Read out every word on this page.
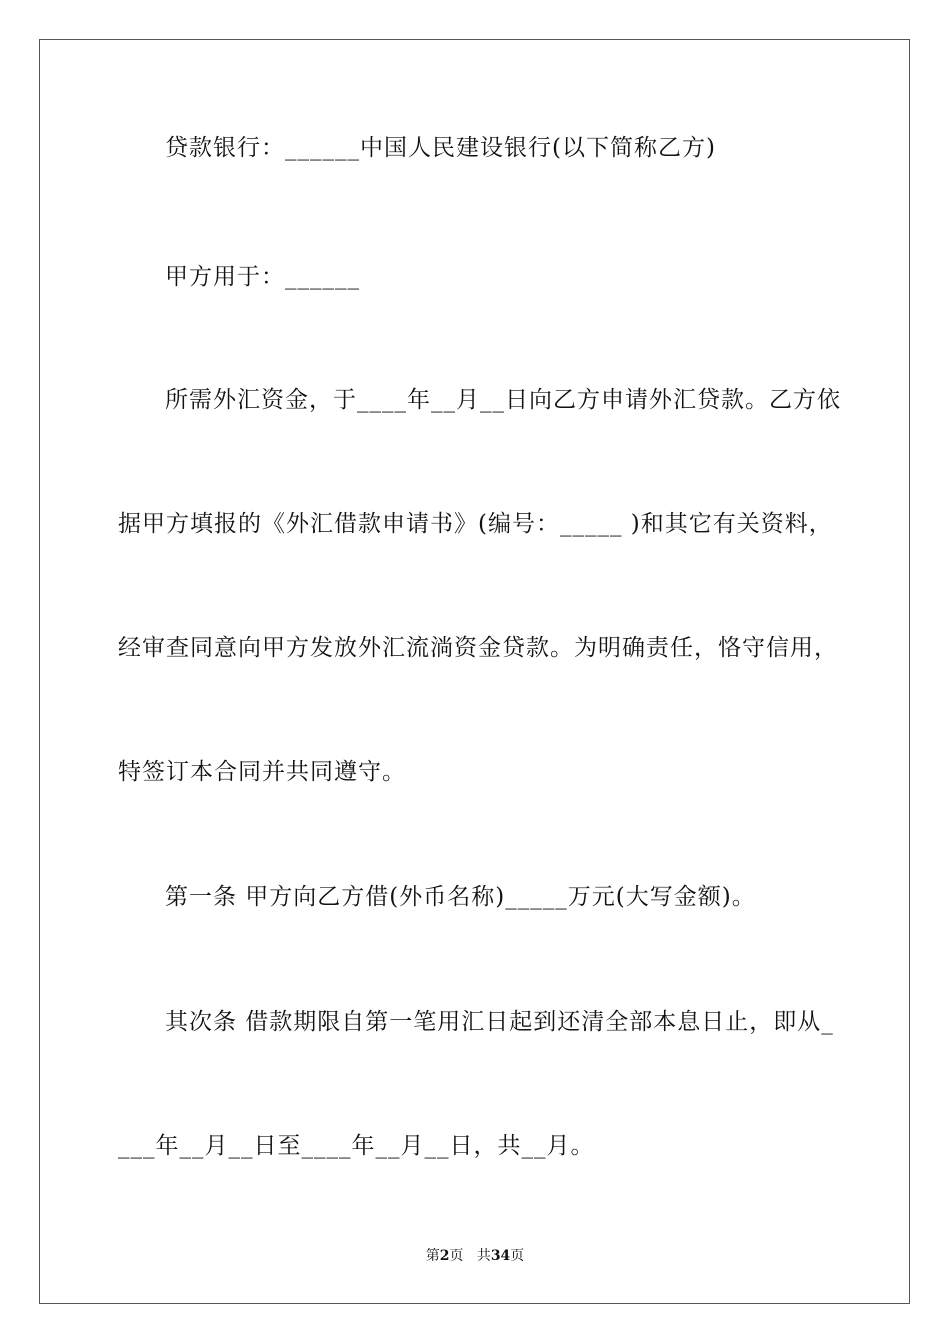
贷款银行：______中国人民建设银行(以下简称乙方)
甲方用于：______
所需外汇资金，于____年__月__日向乙方申请外汇贷款。乙方依
据甲方填报的《外汇借款申请书》(编号：_____ )和其它有关资料，
经审查同意向甲方发放外汇流淌资金贷款。为明确责任，恪守信用，
特签订本合同并共同遵守。
第一条 甲方向乙方借(外币名称)_____万元(大写金额)。
其次条 借款期限自第一笔用汇日起到还清全部本息日止，即从_
___年__月__日至____年__月__日，共__月。
第2页 共34页
